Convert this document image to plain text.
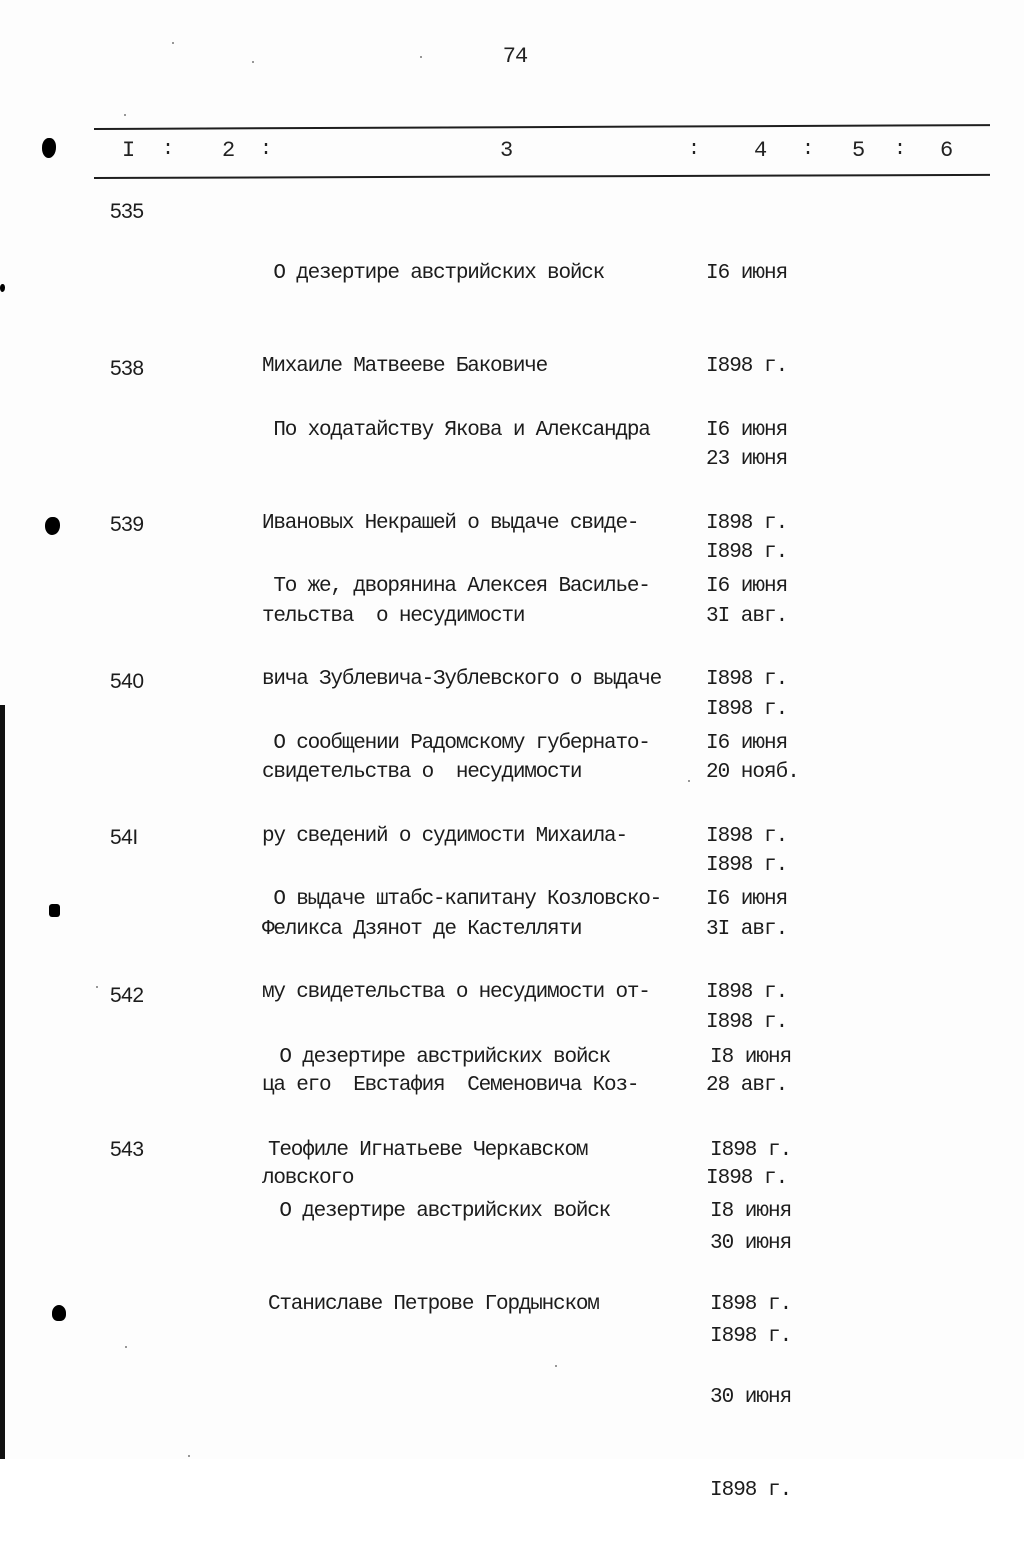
74
I : 2 :	3	: 4 : 5 : 6
535

О дезертире австрийских войск

Михаиле Матвееве Баковиче

I6 июня

I898 г.

23 июня

I898 г.

538

По ходатайству Якова и Александра

Ивановых Некрашей о выдаче свиде-

тельства  о несудимости

I6 июня

I898 г.

3I авг.

I898 г.

539

То же, дворянина Алексея Василье-

вича Зублевича-Зублевского о выдаче

свидетельства о  несудимости

I6 июня

I898 г.

20 нояб.

I898 г.

540

О сообщении Радомскому губернато-

ру сведений о судимости Михаила-

Феликса Дзянот де Кастелляти

I6 июня

I898 г.

3I авг.

I898 г.

54I

О выдаче штабс-капитану Козловско-

му свидетельства о несудимости от-

ца его  Евстафия  Семеновича Коз-

ловского

I6 июня

I898 г.

28 авг.

I898 г.

542

О дезертире австрийских войск

Теофиле Игнатьеве Черкавском

I8 июня

I898 г.

30 июня

I898 г.

543

О дезертире австрийских войск

Станиславе Петрове Гордынском

I8 июня

I898 г.

30 июня

I898 г.
